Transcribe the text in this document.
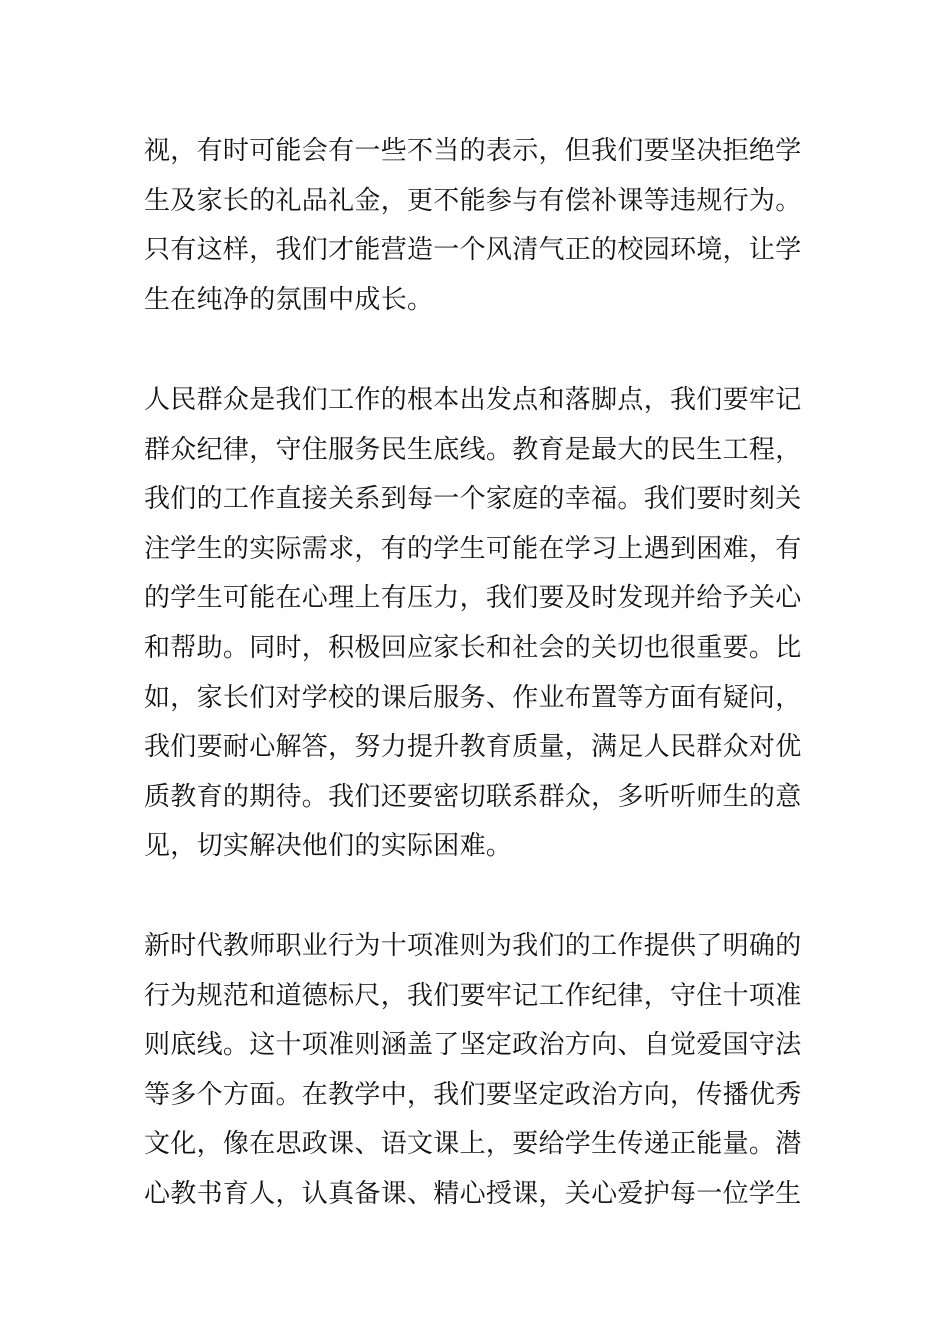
视，有时可能会有一些不当的表示，但我们要坚决拒绝学
生及家长的礼品礼金，更不能参与有偿补课等违规行为。
只有这样，我们才能营造一个风清气正的校园环境，让学
生在纯净的氛围中成长。
人民群众是我们工作的根本出发点和落脚点，我们要牢记
群众纪律，守住服务民生底线。教育是最大的民生工程，
我们的工作直接关系到每一个家庭的幸福。我们要时刻关
注学生的实际需求，有的学生可能在学习上遇到困难，有
的学生可能在心理上有压力，我们要及时发现并给予关心
和帮助。同时，积极回应家长和社会的关切也很重要。比
如，家长们对学校的课后服务、作业布置等方面有疑问，
我们要耐心解答，努力提升教育质量，满足人民群众对优
质教育的期待。我们还要密切联系群众，多听听师生的意
见，切实解决他们的实际困难。
新时代教师职业行为十项准则为我们的工作提供了明确的
行为规范和道德标尺，我们要牢记工作纪律，守住十项准
则底线。这十项准则涵盖了坚定政治方向、自觉爱国守法
等多个方面。在教学中，我们要坚定政治方向，传播优秀
文化，像在思政课、语文课上，要给学生传递正能量。潜
心教书育人，认真备课、精心授课，关心爱护每一位学生
